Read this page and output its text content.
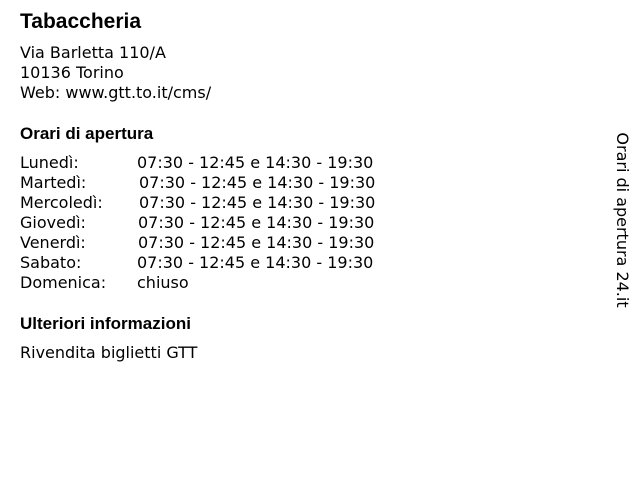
Tabaccheria
Via Barletta 110/A
10136 Torino
Web: www.gtt.to.it/cms/
Orari di apertura
Lunedì:	07:30 - 12:45 e 14:30 - 19:30
Martedì:	07:30 - 12:45 e 14:30 - 19:30
Mercoledì: 07:30 - 12:45 e 14:30 - 19:30
Giovedì:	07:30 - 12:45 e 14:30 - 19:30
Venerdì:	07:30 - 12:45 e 14:30 - 19:30
Sabato:	07:30 - 12:45 e 14:30 - 19:30
Domenica: chiuso
Ulteriori informazioni
Rivendita biglietti GTT
Orari di apertura 24.it
